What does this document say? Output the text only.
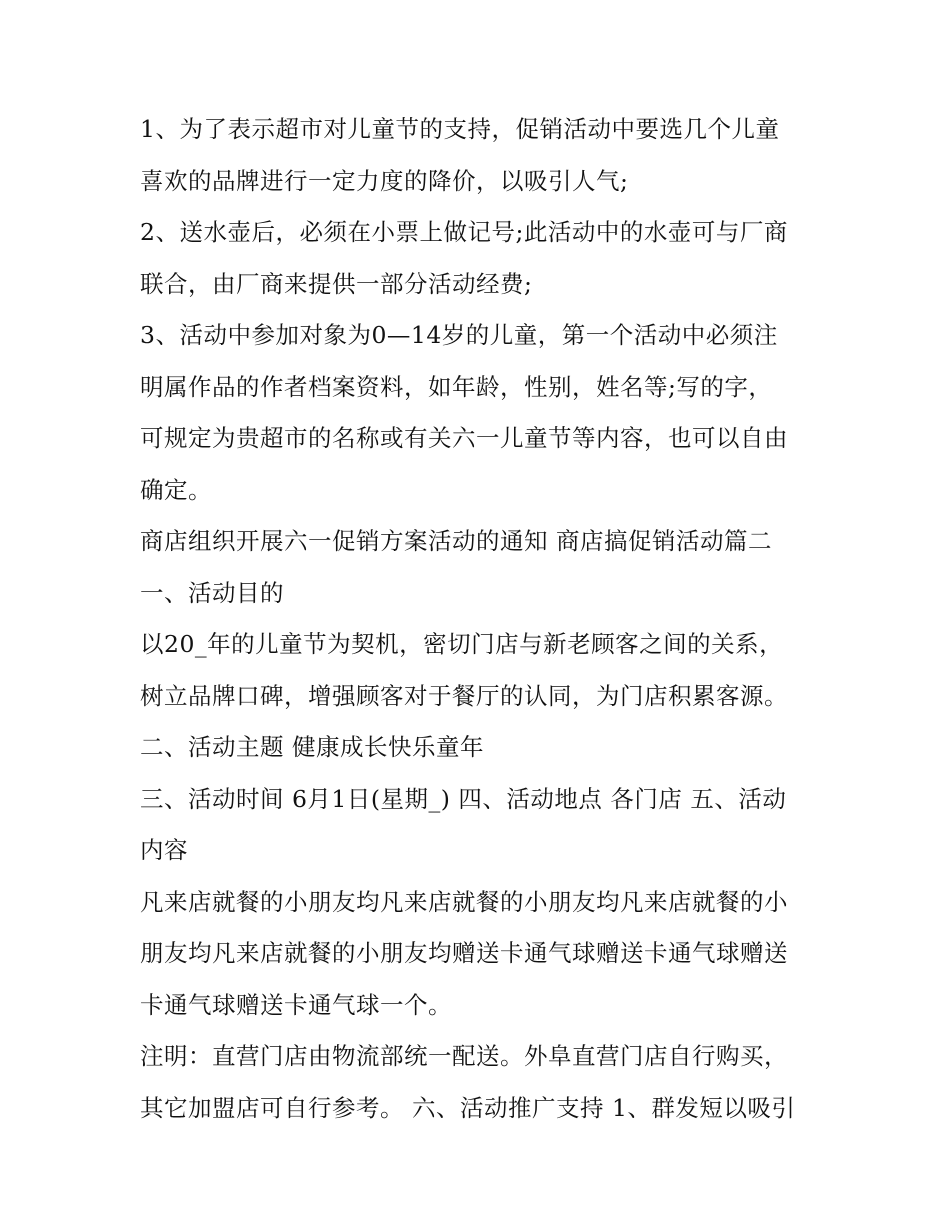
1、为了表示超市对儿童节的支持，促销活动中要选几个儿童
喜欢的品牌进行一定力度的降价，以吸引人气;
2、送水壶后，必须在小票上做记号;此活动中的水壶可与厂商
联合，由厂商来提供一部分活动经费;
3、活动中参加对象为0—14岁的儿童，第一个活动中必须注
明属作品的作者档案资料，如年龄，性别，姓名等;写的字，
可规定为贵超市的名称或有关六一儿童节等内容，也可以自由
确定。
商店组织开展六一促销方案活动的通知 商店搞促销活动篇二
一、活动目的
以20_年的儿童节为契机，密切门店与新老顾客之间的关系，
树立品牌口碑，增强顾客对于餐厅的认同，为门店积累客源。
二、活动主题 健康成长快乐童年
三、活动时间 6月1日(星期_) 四、活动地点 各门店 五、活动
内容
凡来店就餐的小朋友均凡来店就餐的小朋友均凡来店就餐的小
朋友均凡来店就餐的小朋友均赠送卡通气球赠送卡通气球赠送
卡通气球赠送卡通气球一个。
注明：直营门店由物流部统一配送。外阜直营门店自行购买，
其它加盟店可自行参考。 六、活动推广支持 1、群发短以吸引
